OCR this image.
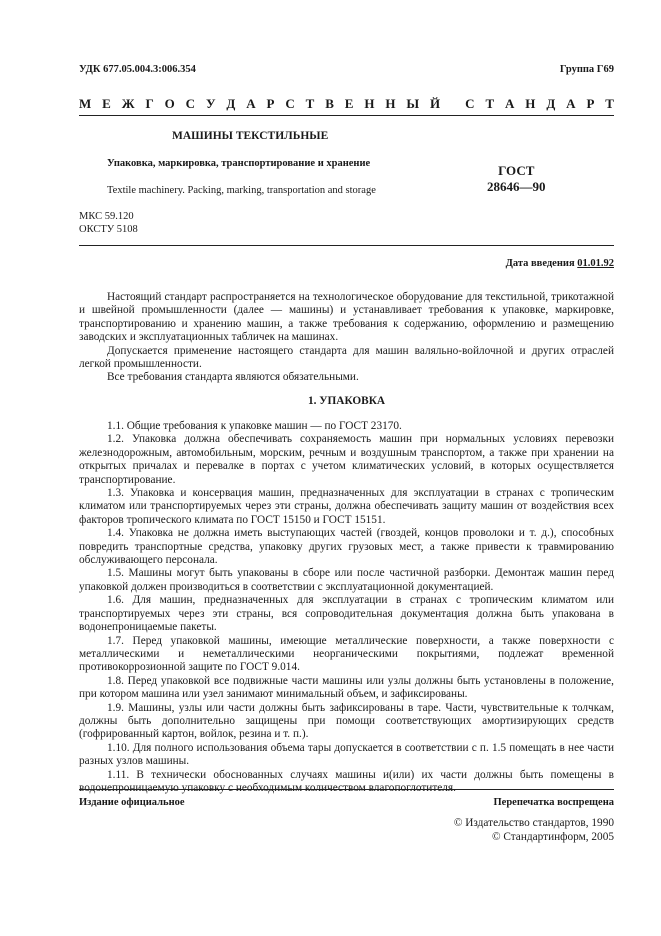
УДК 677.05.004.3:006.354	Группа Г69
М Е Ж Г О С У Д А Р С Т В Е Н Н Ы Й
С Т А Н Д А Р Т
МАШИНЫ ТЕКСТИЛЬНЫЕ
Упаковка, маркировка, транспортирование и хранение
Textile machinery. Packing, marking, transportation and storage
ГОСТ
28646—90
МКС 59.120
ОКСТУ 5108
Дата введения 01.01.92

Настоящий стандарт распространяется на технологическое оборудование для текстильной, трикотажной и швейной промышленности (далее — машины) и устанавливает требования к упаковке, маркировке, транспортированию и хранению машин, а также требования к содержанию, оформлению и размещению заводских и эксплуатационных табличек на машинах.

Допускается применение настоящего стандарта для машин валяльно-войлочной и других отраслей легкой промышленности.

Все требования стандарта являются обязательными.

1. УПАКОВКА

1.1. Общие требования к упаковке машин — по ГОСТ 23170.

1.2. Упаковка должна обеспечивать сохраняемость машин при нормальных условиях перевозки железнодорожным, автомобильным, морским, речным и воздушным транспортом, а также при хранении на открытых причалах и перевалке в портах с учетом климатических условий, в которых осуществляется транспортирование.

1.3. Упаковка и консервация машин, предназначенных для эксплуатации в странах с тропическим климатом или транспортируемых через эти страны, должна обеспечивать защиту машин от воздействия всех факторов тропического климата по ГОСТ 15150 и ГОСТ 15151.

1.4. Упаковка не должна иметь выступающих частей (гвоздей, концов проволоки и т. д.), способных повредить транспортные средства, упаковку других грузовых мест, а также привести к травмированию обслуживающего персонала.

1.5. Машины могут быть упакованы в сборе или после частичной разборки. Демонтаж машин перед упаковкой должен производиться в соответствии с эксплуатационной документацией.

1.6. Для машин, предназначенных для эксплуатации в странах с тропическим климатом или транспортируемых через эти страны, вся сопроводительная документация должна быть упакована в водонепроницаемые пакеты.

1.7. Перед упаковкой машины, имеющие металлические поверхности, а также поверхности с металлическими и неметаллическими неорганическими покрытиями, подлежат временной противокоррозионной защите по ГОСТ 9.014.

1.8. Перед упаковкой все подвижные части машины или узлы должны быть установлены в положение, при котором машина или узел занимают минимальный объем, и зафиксированы.

1.9. Машины, узлы или части должны быть зафиксированы в таре. Части, чувствительные к толчкам, должны быть дополнительно защищены при помощи соответствующих амортизирующих средств (гофрированный картон, войлок, резина и т. п.).

1.10. Для полного использования объема тары допускается в соответствии с п. 1.5 помещать в нее части разных узлов машины.

1.11. В технически обоснованных случаях машины и(или) их части должны быть помещены в водонепроницаемую упаковку с необходимым количеством влагопоглотителя.

Издание официальное	Перепечатка воспрещена
© Издательство стандартов, 1990
© Стандартинформ, 2005
